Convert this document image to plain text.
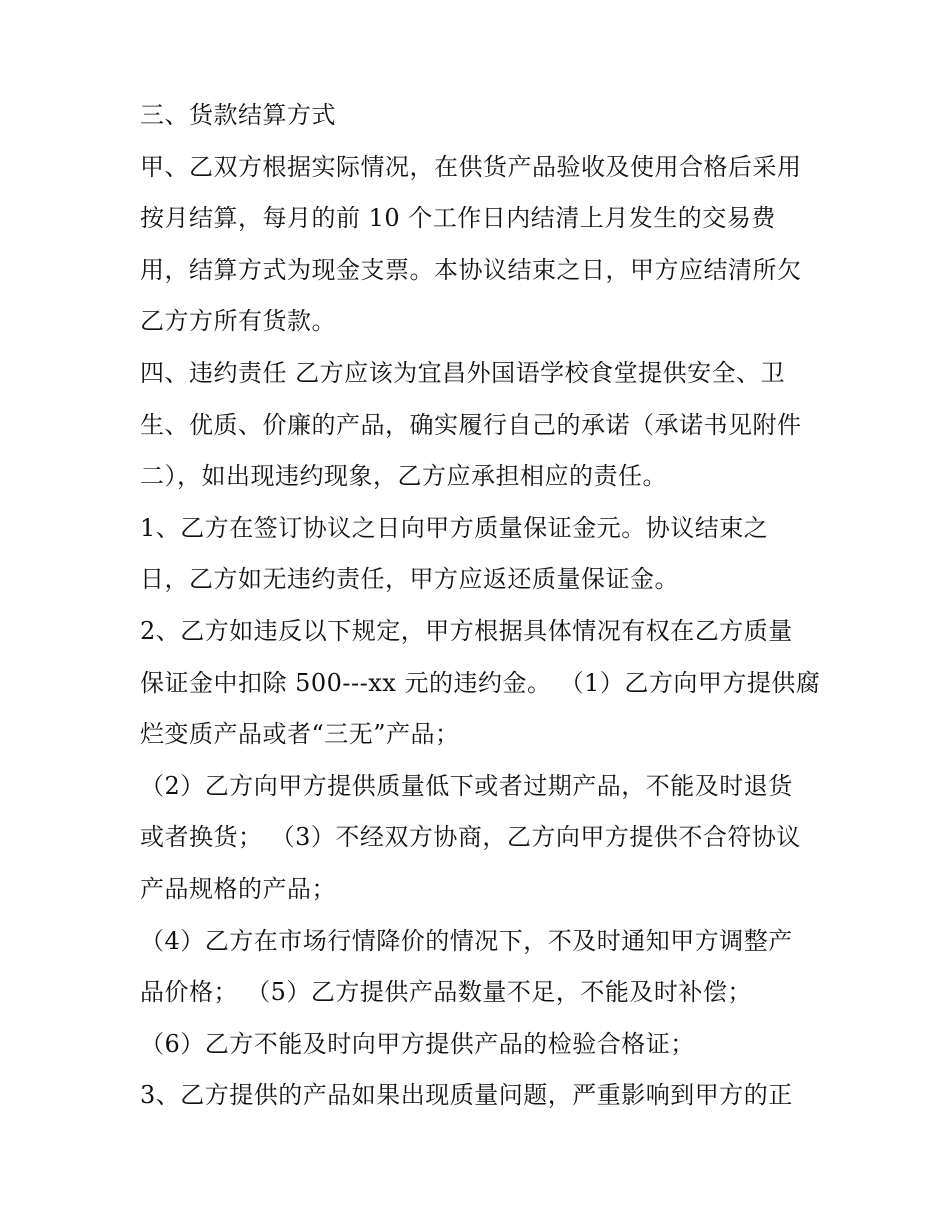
三、货款结算方式
甲、乙双方根据实际情况，在供货产品验收及使用合格后采用
按月结算，每月的前 10 个工作日内结清上月发生的交易费
用，结算方式为现金支票。本协议结束之日，甲方应结清所欠
乙方方所有货款。
四、违约责任 乙方应该为宜昌外国语学校食堂提供安全、卫
生、优质、价廉的产品，确实履行自己的承诺（承诺书见附件
二），如出现违约现象，乙方应承担相应的责任。
1、乙方在签订协议之日向甲方质量保证金元。协议结束之
日，乙方如无违约责任，甲方应返还质量保证金。
2、乙方如违反以下规定，甲方根据具体情况有权在乙方质量
保证金中扣除 500---xx 元的违约金。 （1）乙方向甲方提供腐
烂变质产品或者“三无”产品；
（2）乙方向甲方提供质量低下或者过期产品，不能及时退货
或者换货； （3）不经双方协商，乙方向甲方提供不合符协议
产品规格的产品；
（4）乙方在市场行情降价的情况下，不及时通知甲方调整产
品价格； （5）乙方提供产品数量不足，不能及时补偿；
（6）乙方不能及时向甲方提供产品的检验合格证；
3、乙方提供的产品如果出现质量问题，严重影响到甲方的正
